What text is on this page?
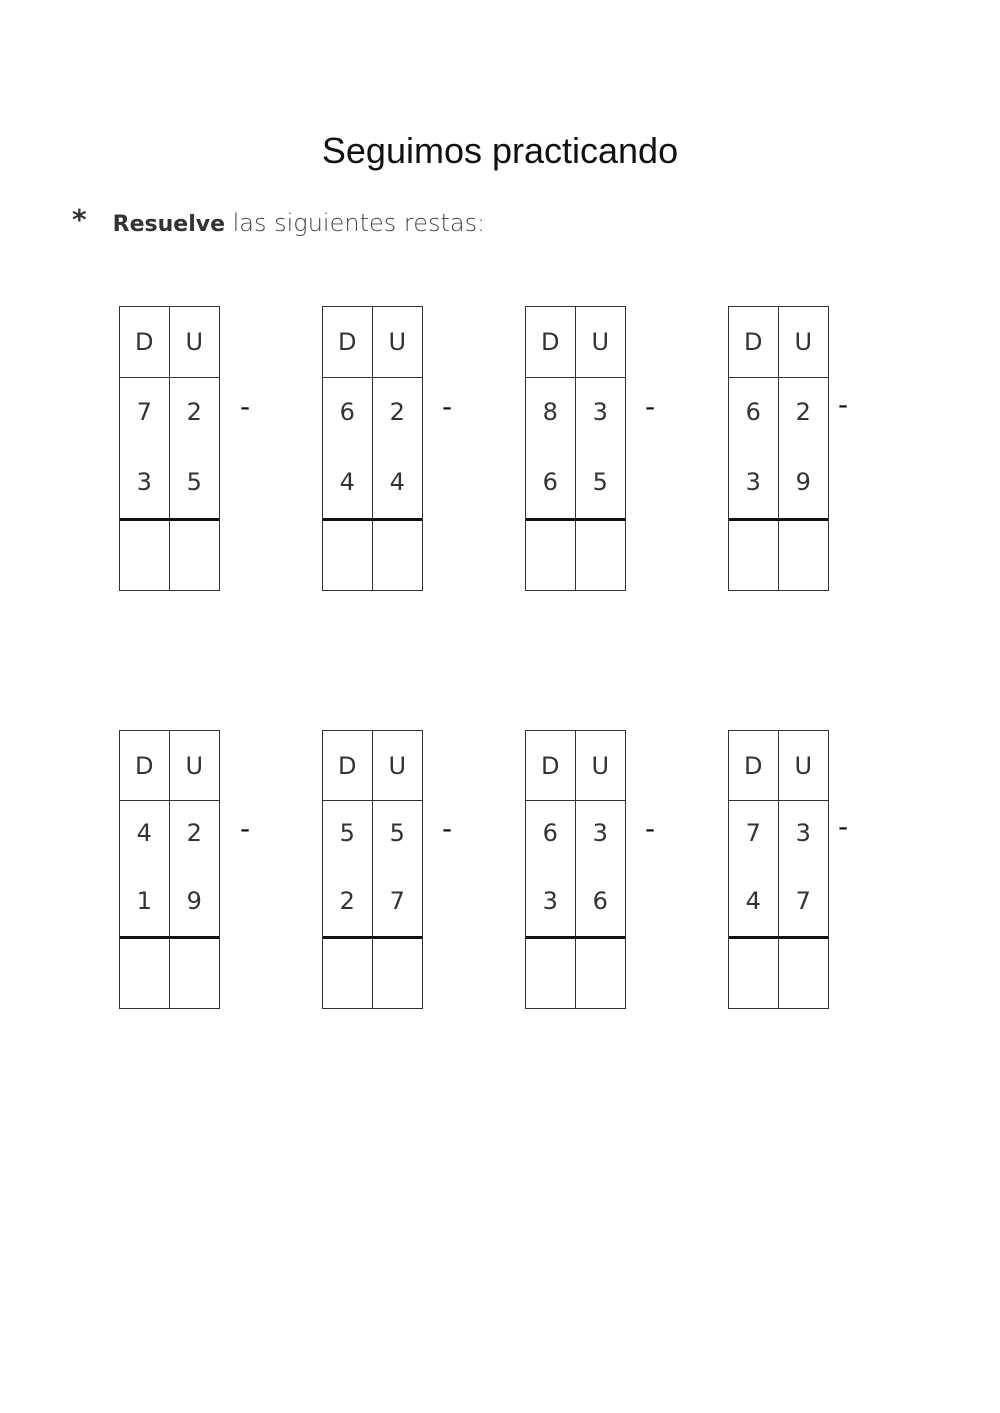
Seguimos practicando
* Resuelve las siguientes restas:
D	U
7	2
3	5
-
D	U
6	2
4	4
-
D	U
8	3
6	5
-
D	U
6	2
3	9
-
D	U
4	2
1	9
-
D	U
5	5
2	7
-
D	U
6	3
3	6
-
D	U
7	3
4	7
-
